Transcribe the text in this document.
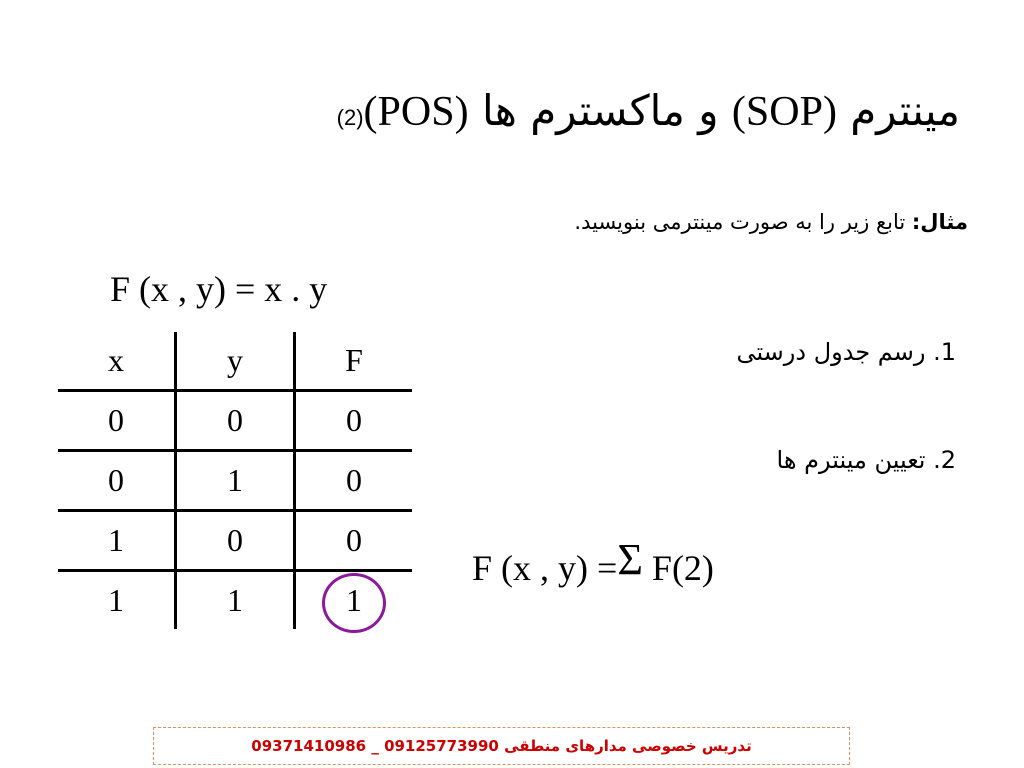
مینترم (SOP) و ماکسترم ها (POS)(2)
مثال: تابع زیر را به صورت مینترمی بنویسید.
F (x , y) = x . y
x	y	F
0	0	0
0	1	0
1	0	0
1	1	1
1. رسم جدول درستی
2. تعیین مینترم ها
F (x , y) =Σ F(2)
تدریس خصوصی مدارهای منطقی 09125773990 _ 09371410986
